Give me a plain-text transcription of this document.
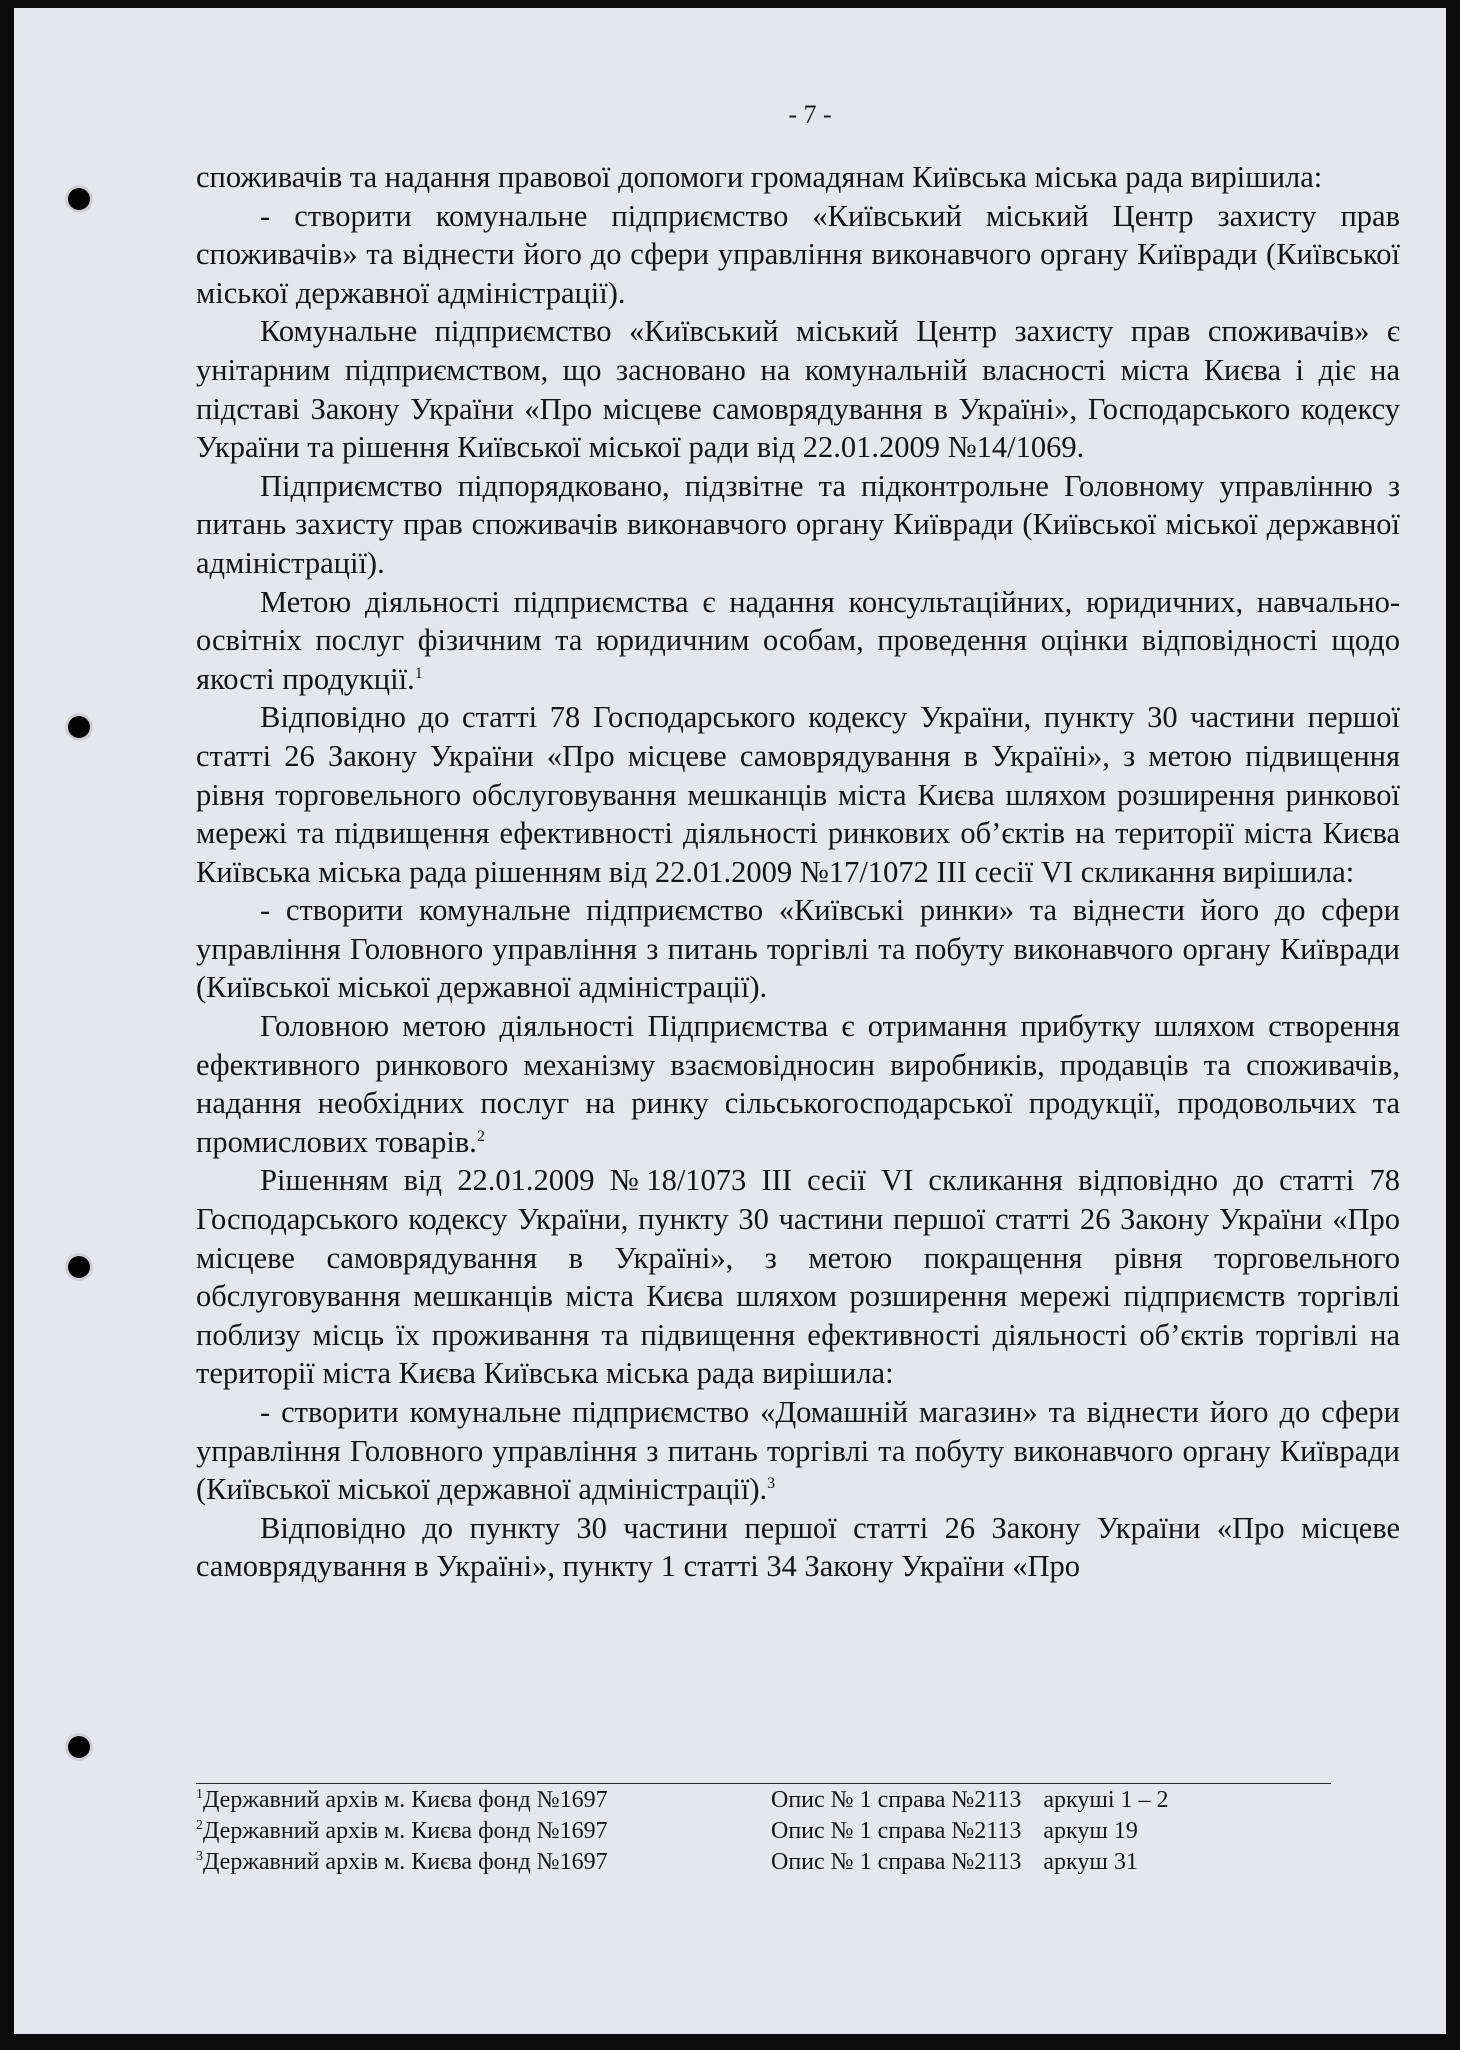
- 7 -

споживачів та надання правової допомоги громадянам Київська міська рада вирішила:

- створити комунальне підприємство «Київський міський Центр захисту прав споживачів» та віднести його до сфери управління виконавчого органу Київради (Київської міської державної адміністрації).

Комунальне підприємство «Київський міський Центр захисту прав споживачів» є унітарним підприємством, що засновано на комунальній власності міста Києва і діє на підставі Закону України «Про місцеве самоврядування в Україні», Господарського кодексу України та рішення Київської міської ради від 22.01.2009 №14/1069.

Підприємство підпорядковано, підзвітне та підконтрольне Головному управлінню з питань захисту прав споживачів виконавчого органу Київради (Київської міської державної адміністрації).

Метою діяльності підприємства є надання консультаційних, юридичних, навчально-освітніх послуг фізичним та юридичним особам, проведення оцінки відповідності щодо якості продукції.$^1$

Відповідно до статті 78 Господарського кодексу України, пункту 30 частини першої статті 26 Закону України «Про місцеве самоврядування в Україні», з метою підвищення рівня торговельного обслуговування мешканців міста Києва шляхом розширення ринкової мережі та підвищення ефективності діяльності ринкових об’єктів на території міста Києва Київська міська рада рішенням від 22.01.2009 №17/1072 III сесії VI скликання вирішила:

- створити комунальне підприємство «Київські ринки» та віднести його до сфери управління Головного управління з питань торгівлі та побуту виконавчого органу Київради (Київської міської державної адміністрації).

Головною метою діяльності Підприємства є отримання прибутку шляхом створення ефективного ринкового механізму взаємовідносин виробників, продавців та споживачів, надання необхідних послуг на ринку сільськогосподарської продукції, продовольчих та промислових товарів.$^2$

Рішенням від 22.01.2009 №18/1073 III сесії VI скликання відповідно до статті 78 Господарського кодексу України, пункту 30 частини першої статті 26 Закону України «Про місцеве самоврядування в Україні», з метою покращення рівня торговельного обслуговування мешканців міста Києва шляхом розширення мережі підприємств торгівлі поблизу місць їх проживання та підвищення ефективності діяльності об’єктів торгівлі на території міста Києва Київська міська рада вирішила:

- створити комунальне підприємство «Домашній магазин» та віднести його до сфери управління Головного управління з питань торгівлі та побуту виконавчого органу Київради (Київської міської державної адміністрації).$^3$

Відповідно до пункту 30 частини першої статті 26 Закону України «Про місцеве самоврядування в Україні», пункту 1 статті 34 Закону України «Про

$^1$Державний архів м. Києва фонд №1697	Опис № 1 справа №2113 аркуші 1 – 2
$^2$Державний архів м. Києва фонд №1697	Опис № 1 справа №2113 аркуш 19
$^3$Державний архів м. Києва фонд №1697	Опис № 1 справа №2113 аркуш 31
